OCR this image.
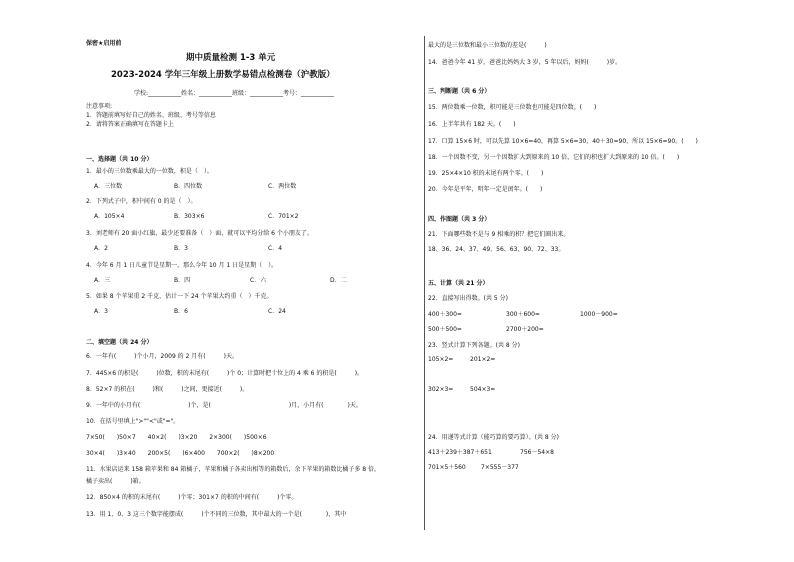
保密★启用前
期中质量检测 1-3 单元
2023-2024 学年三年级上册数学易错点检测卷（沪教版）
学校:___________姓名：___________班级：___________考号：___________
注意事项:
1．答题前填写好自己的姓名、班级、考号等信息
2．请将答案正确填写在答题卡上
一、选择题（共 10 分）
1．最小的三位数乘最大的一位数，积是（　）。
A．三位数	B．四位数	C．两位数
2．下列式子中，积中间有 0 的是（　）。
A．105×4	B．303×6	C．701×2
3．刘老师有 20 面小红旗，最少还要准备（　）面，就可以平均分给 6 个小朋友了。
A．2	B．3	C．4
4．今年 6 月 1 日儿童节是星期一，那么今年 10 月 1 日是星期（　）。
A．三	B．四	C．六	D．二
5．如果 8 个苹果重 2 千克，估计一下 24 个苹果大约重（　）千克。
A．3	B．6	C．24
二、填空题（共 24 分）
6．一年有(　　　)个小月，2009 的 2 月有(　　　)天。
7．445×6 的积是(　　　)位数，积的末尾有(　　　)个 0；计算时把十位上的 4 乘 6 的积是(　　　)。
8．52×7 的积在(　　　)和(　　　)之间，更接近(　　　)。
9．一年中的小月有(　　　　　　　　)个，是(　　　　　　　　　　　　　)月，小月有(　　　　)天。
10．在括号里填上">""<"或"="。
7×50(　　)50×7　　40×2(　　)3×20　　2×300(　　)500×6
30×4(　　)3×40　　200×5(　　)6×400　　700×2(　　)8×200
11．水果店运来 158 箱苹果和 84 箱橘子，苹果和橘子各卖出相等的箱数后，余下苹果的箱数比橘子多 8 倍，
橘子卖出(　　　)箱。
12．850×4 的积的末尾有(　　　)个零；301×7 的积的中间有(　　　)个零。
13．用 1、0、3 这三个数字能摆成(　　　)个不同的三位数，其中最大的一个是(　　　　)，其中
最大的是三位数和最小三位数的差是(　　　)
14．爸爸今年 41 岁，爸爸比妈妈大 3 岁，5 年以后，妈妈(　　　)岁。
三、判断题（共 6 分）
15．两位数乘一位数，积可能是三位数也可能是四位数。(　　)
16．上半年共有 182 天。(　　)
17．口算 15×6 时，可以先算 10×6=40，再算 5×6=30，40＋30=90，所以 15×6=90。(　　)
18．一个因数不变，另一个因数扩大到原来的 10 倍，它们的积也扩大到原来的 10 倍。(　　)
19．25×4×10 积的末尾有两个零。(　　)
20．今年是平年，明年一定是闰年。(　　)
四、作图题（共 3 分）
21．下面哪些数不是与 9 相乘的积？把它们圈出来。
18、36、24、37、49、56、63、90、72、33。
五、计算（共 21 分）
22．直接写出得数。(共 5 分)
400＋300=	300＋600=	1000－900=
500＋500=	2700＋200=
23．竖式计算下列各题。(共 8 分)
105×2=	201×2=
302×3=	504×3=
24．用递等式计算（能巧算的要巧算）。(共 8 分)
413＋239＋387＋651	756－54×8
701×5＋560	7×555－377
